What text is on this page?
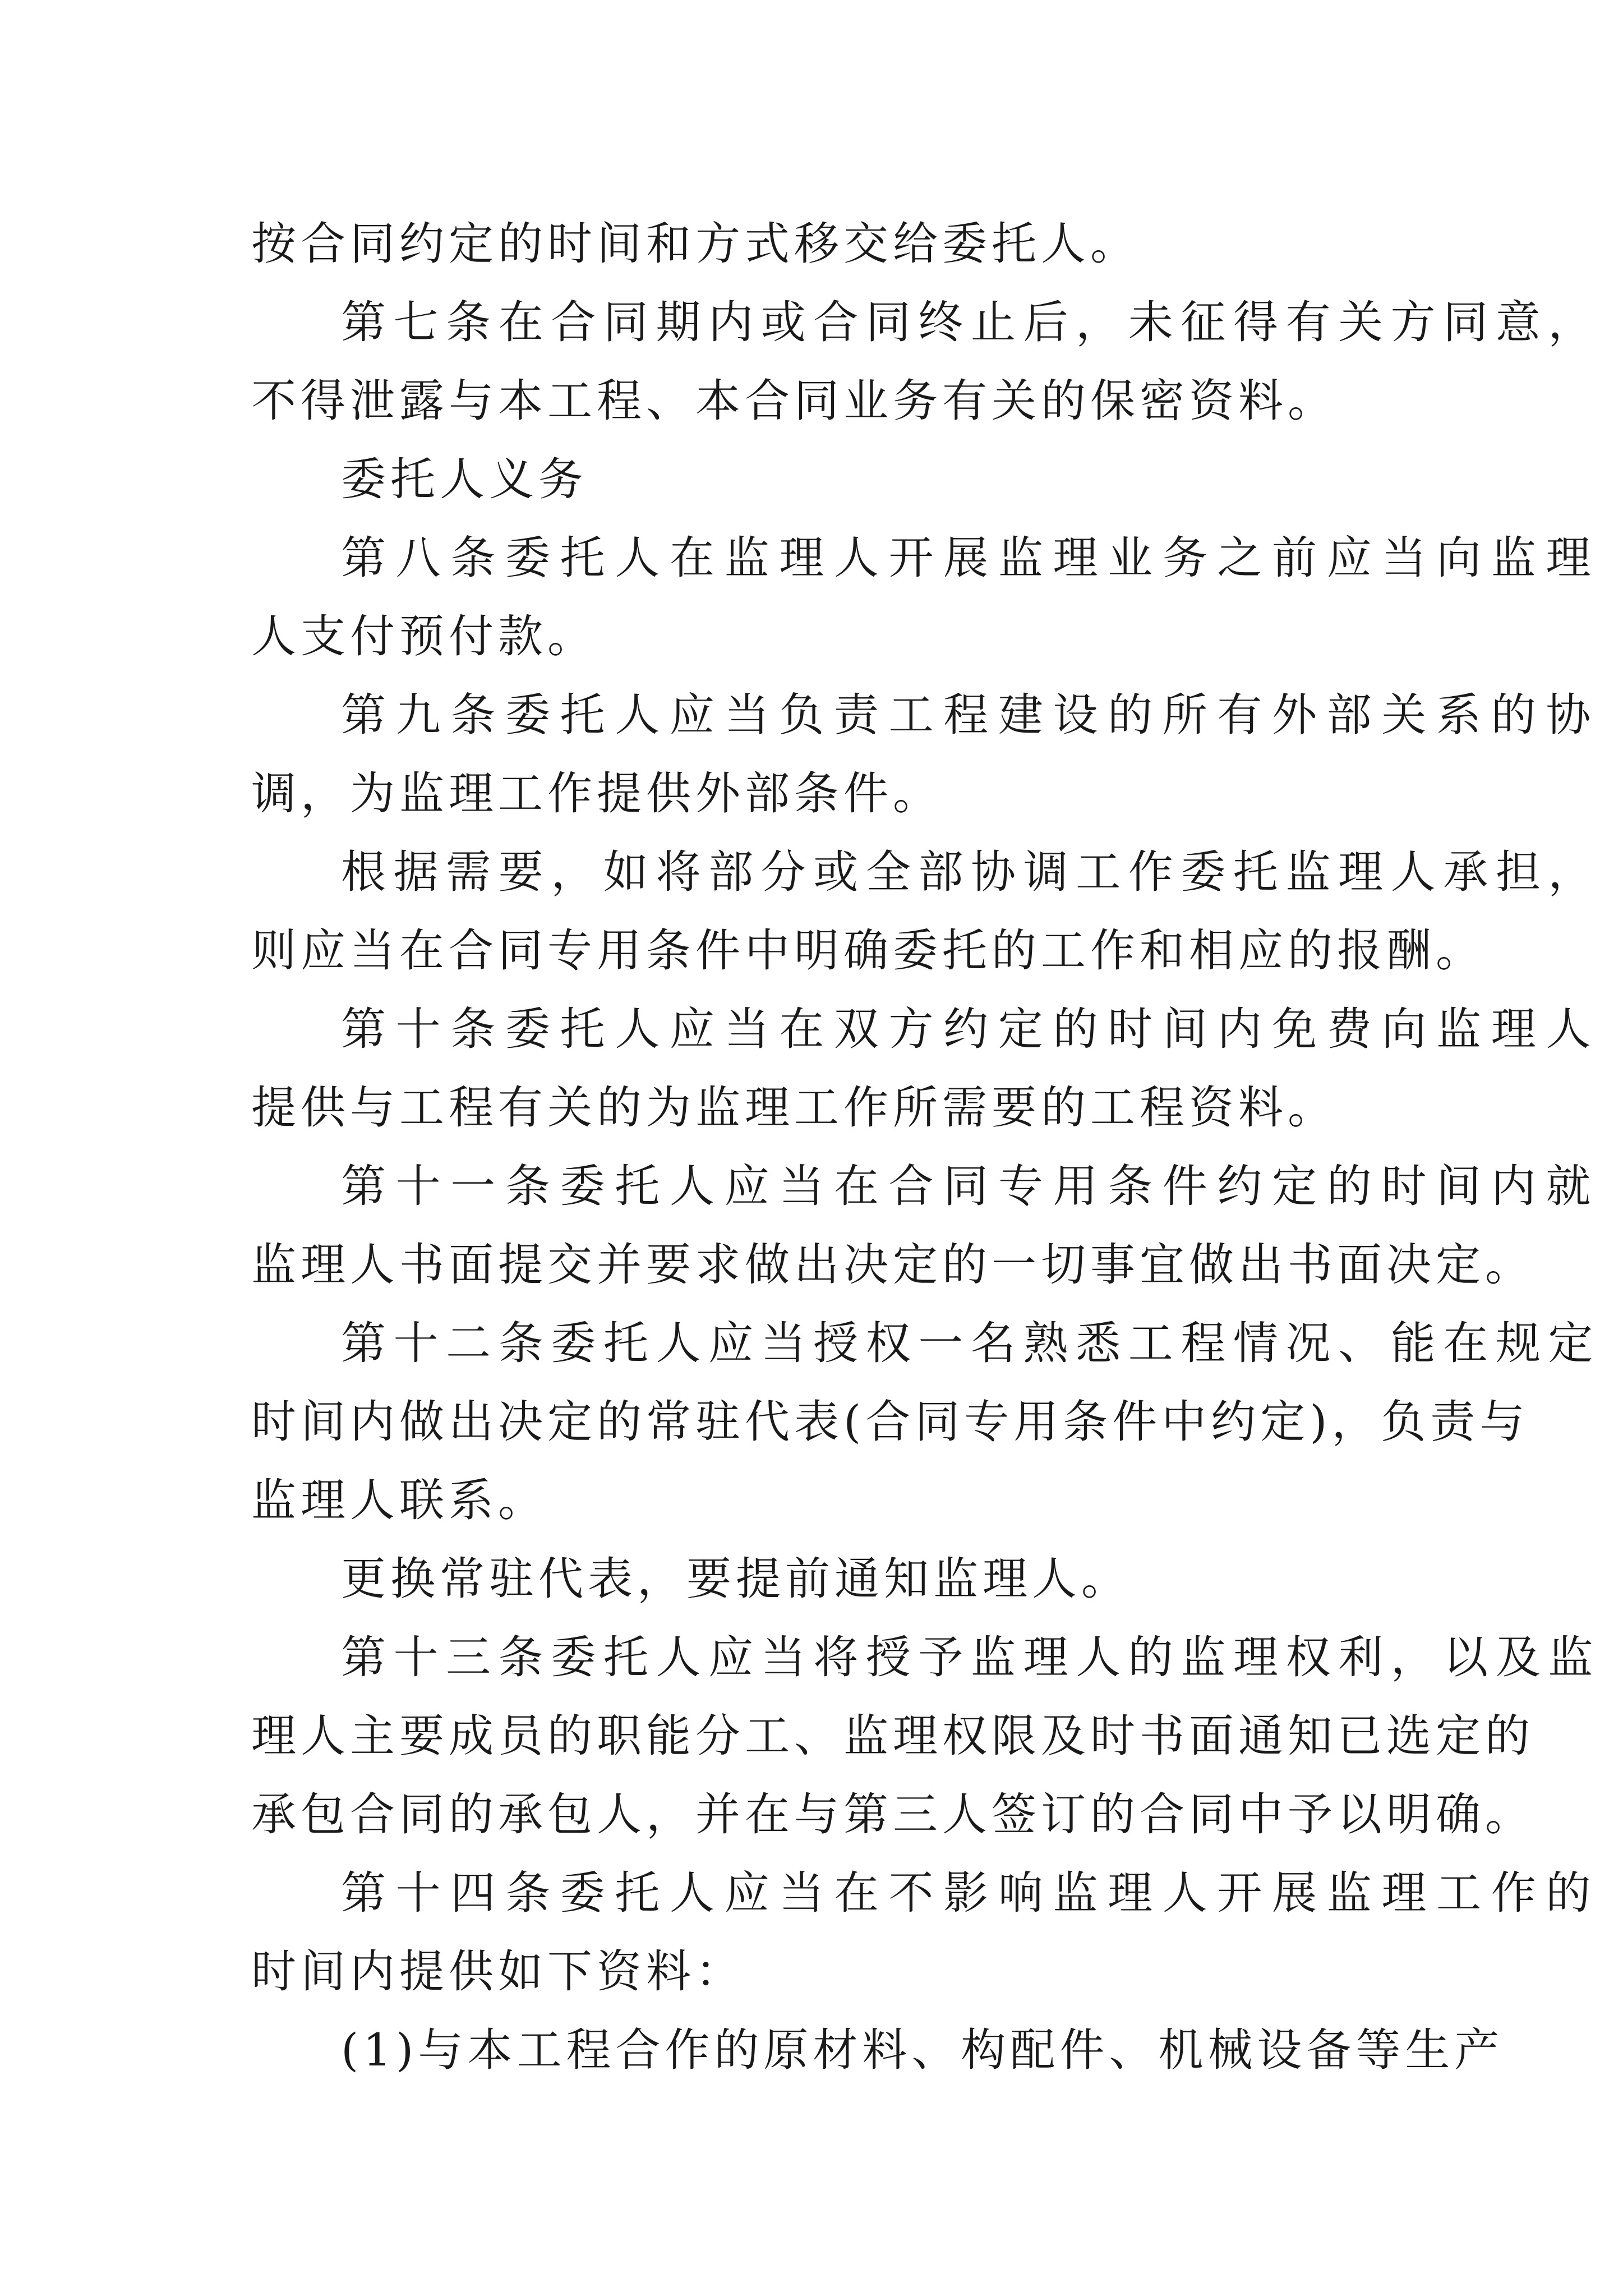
按合同约定的时间和方式移交给委托人。
第七条在合同期内或合同终止后，未征得有关方同意，
不得泄露与本工程、本合同业务有关的保密资料。
委托人义务
第八条委托人在监理人开展监理业务之前应当向监理
人支付预付款。
第九条委托人应当负责工程建设的所有外部关系的协
调，为监理工作提供外部条件。
根据需要，如将部分或全部协调工作委托监理人承担，
则应当在合同专用条件中明确委托的工作和相应的报酬。
第十条委托人应当在双方约定的时间内免费向监理人
提供与工程有关的为监理工作所需要的工程资料。
第十一条委托人应当在合同专用条件约定的时间内就
监理人书面提交并要求做出决定的一切事宜做出书面决定。
第十二条委托人应当授权一名熟悉工程情况、能在规定
时间内做出决定的常驻代表(合同专用条件中约定)，负责与
监理人联系。
更换常驻代表，要提前通知监理人。
第十三条委托人应当将授予监理人的监理权利，以及监
理人主要成员的职能分工、监理权限及时书面通知已选定的
承包合同的承包人，并在与第三人签订的合同中予以明确。
第十四条委托人应当在不影响监理人开展监理工作的
时间内提供如下资料：
(1)与本工程合作的原材料、构配件、机械设备等生产
